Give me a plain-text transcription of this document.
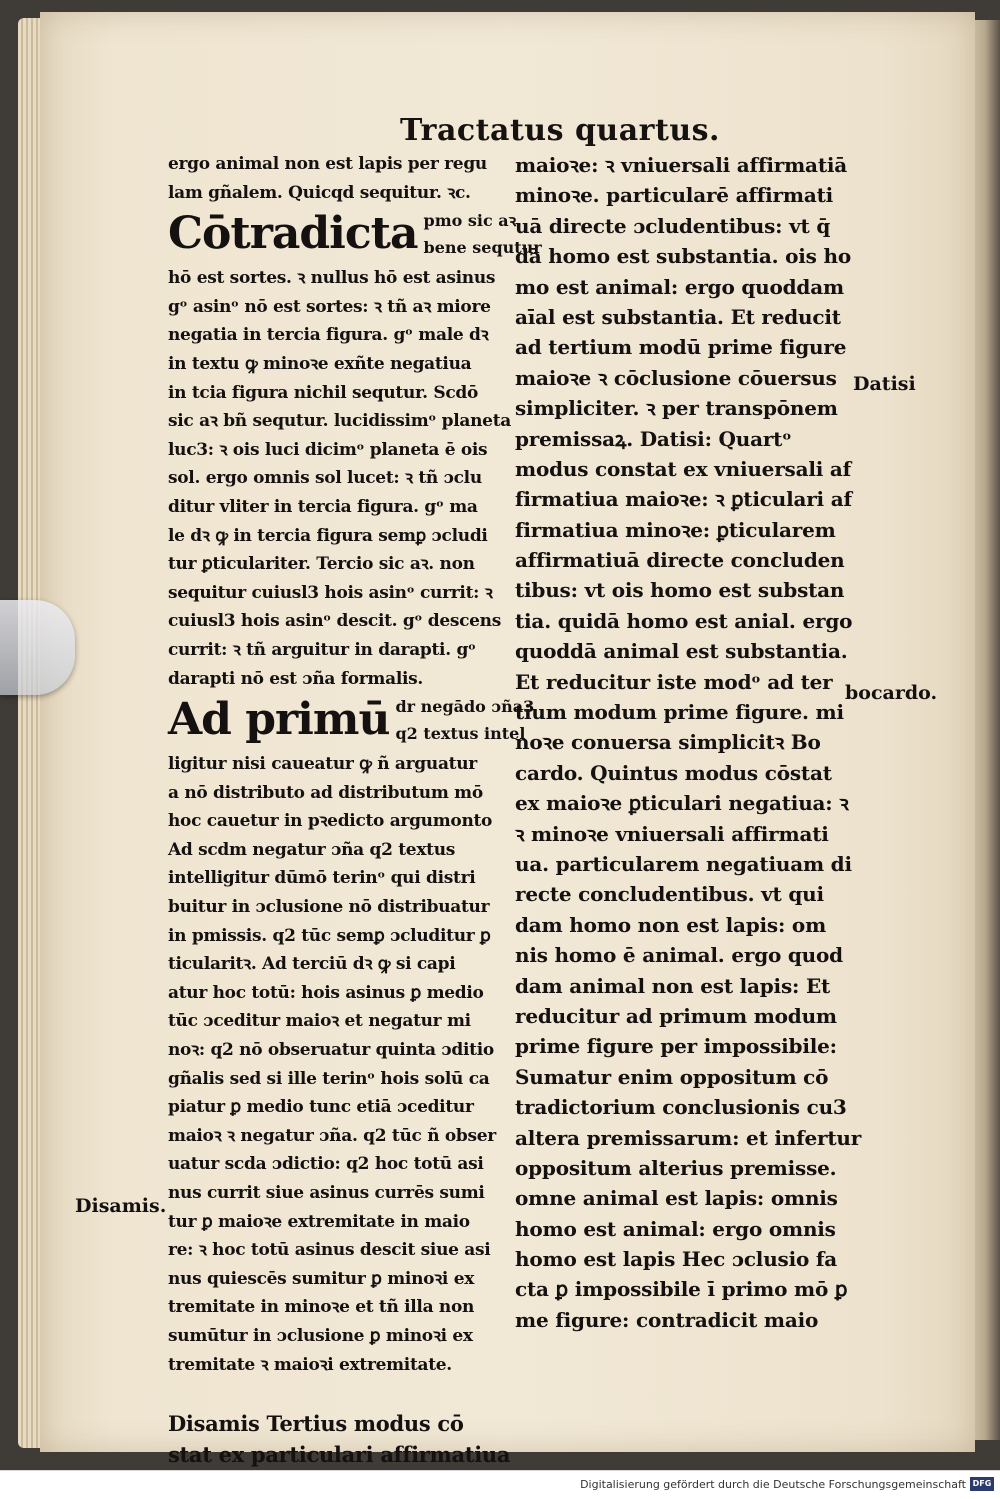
Tractatus quartus.

ergo animal non est lapis per regu

lam gñalem. Quicqd sequitur. ꝛc.

Cōtradicta pmo sic aꝛ.
bene sequtur

hō est sortes. ꝛ nullus hō est asinus

gᵒ asinᵒ nō est sortes: ꝛ tñ aꝛ miore

negatia in tercia figura. gᵒ male dꝛ

in textu ꝙ minoꝛe exñte negatiua

in tcia figura nichil sequtur. Scdō

sic aꝛ bñ sequtur. lucidissimᵒ planeta

luc3: ꝛ ois luci dicimᵒ planeta ē ois

sol. ergo omnis sol lucet: ꝛ tñ ɔclu

ditur vliter in tercia figura. gᵒ ma

le dꝛ ꝙ in tercia figura semꝑ ɔcludi

tur ꝑticulariter. Tercio sic aꝛ. non

sequitur cuiusl3 hois asinᵒ currit: ꝛ

cuiusl3 hois asinᵒ descit. gᵒ descens

currit: ꝛ tñ arguitur in darapti. gᵒ

darapti nō est ɔña formalis.

Ad primū dr negādo ɔña3
q2 textus intel

ligitur nisi caueatur ꝙ ñ arguatur

a nō distributo ad distributum mō

hoc cauetur in pꝛedicto argumonto

Ad scdm negatur ɔña q2 textus

intelligitur dūmō terinᵒ qui distri

buitur in ɔclusione nō distribuatur

in pmissis. q2 tūc semꝑ ɔcluditur ꝑ

ticularitꝛ. Ad terciū dꝛ ꝙ si capi

atur hoc totū: hois asinus ꝑ medio

tūc ɔceditur maioꝛ et negatur mi

noꝛ: q2 nō obseruatur quinta ɔditio

gñalis sed si ille terinᵒ hois solū ca

piatur ꝑ medio tunc etiā ɔceditur

maioꝛ ꝛ negatur ɔña. q2 tūc ñ obser

uatur scda ɔdictio: q2 hoc totū asi

nus currit siue asinus currēs sumi

tur ꝑ maioꝛe extremitate in maio

re: ꝛ hoc totū asinus descit siue asi

nus quiescēs sumitur ꝑ minoꝛi ex

tremitate in minoꝛe et tñ illa non

sumūtur in ɔclusione ꝑ minoꝛi ex

tremitate ꝛ maioꝛi extremitate.

Disamis Tertius modus cō

stat ex particulari affirmatiua

maioꝛe: ꝛ vniuersali affirmatiā

minoꝛe. particularē affirmati

uā directe ɔcludentibus: vt q̄

dā homo est substantia. ois ho

mo est animal: ergo quoddam

aīal est substantia. Et reducit

ad tertium modū prime figure

maioꝛe ꝛ cōclusione cōuersus

simpliciter. ꝛ per transpōnem

premissaꝝ. Datisi: Quartᵒ

modus constat ex vniuersali af

firmatiua maioꝛe: ꝛ ꝑticulari af

firmatiua minoꝛe: ꝑticularem

affirmatiuā directe concluden

tibus: vt ois homo est substan

tia. quidā homo est anial. ergo

quoddā animal est substantia.

Et reducitur iste modᵒ ad ter

tium modum prime figure. mi

noꝛe conuersa simplicitꝛ Bo

cardo. Quintus modus cōstat

ex maioꝛe ꝑticulari negatiua: ꝛ

ꝛ minoꝛe vniuersali affirmati

ua. particularem negatiuam di

recte concludentibus. vt qui

dam homo non est lapis: om

nis homo ē animal. ergo quod

dam animal non est lapis: Et

reducitur ad primum modum

prime figure per impossibile:

Sumatur enim oppositum cō

tradictorium conclusionis cu3

altera premissarum: et infertur

oppositum alterius premisse.

omne animal est lapis: omnis

homo est animal: ergo omnis

homo est lapis Hec ɔclusio fa

cta ꝑ impossibile ī primo mō ꝑ

me figure: contradicit maio

Datisi
bocardo.
Disamis.
Digitalisierung gefördert durch die Deutsche Forschungsgemeinschaft DFG
